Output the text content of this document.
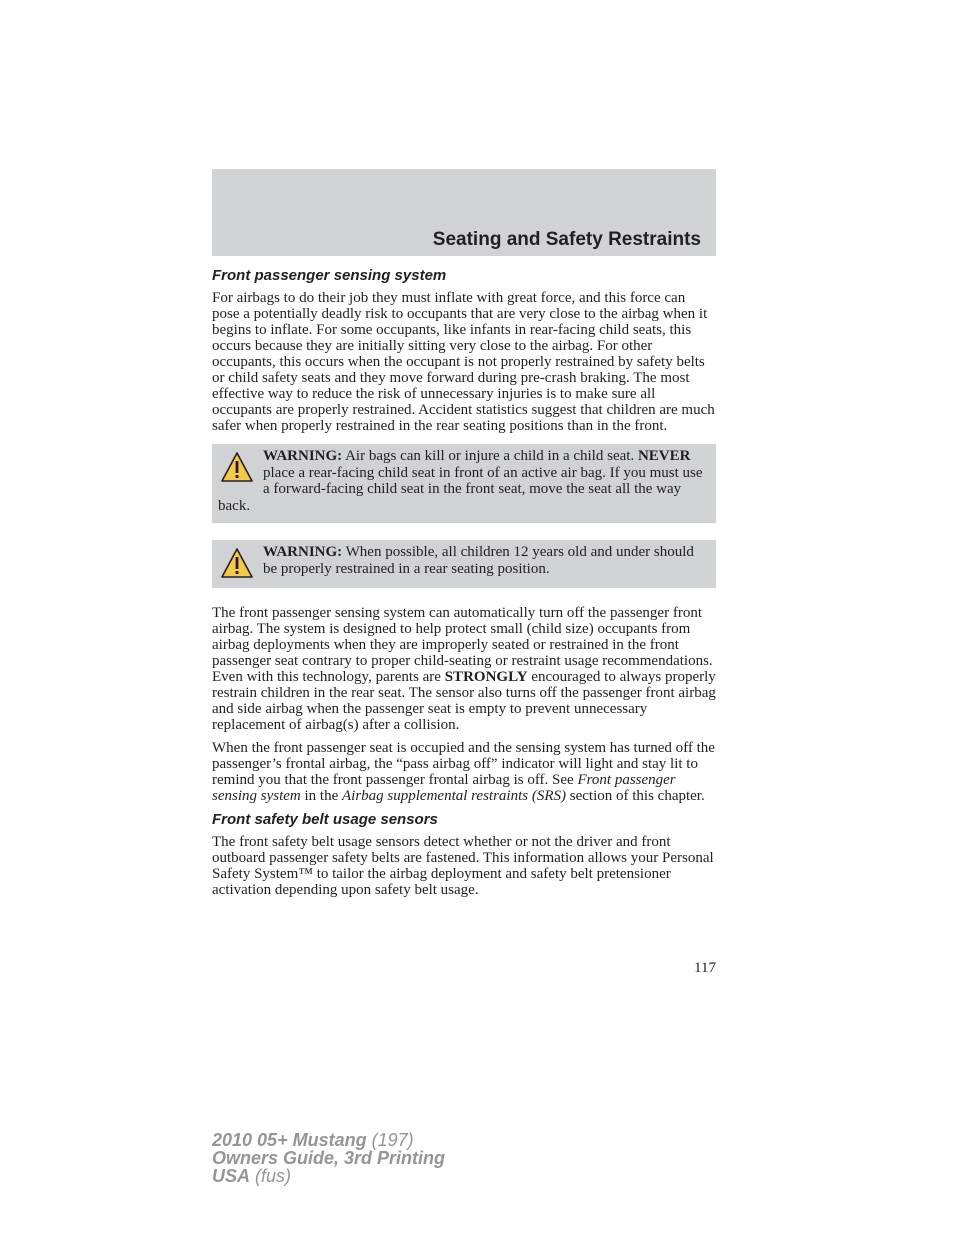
Seating and Safety Restraints
Front passenger sensing system

For airbags to do their job they must inflate with great force, and this force can pose a potentially deadly risk to occupants that are very close to the airbag when it begins to inflate. For some occupants, like infants in rear-facing child seats, this occurs because they are initially sitting very close to the airbag. For other occupants, this occurs when the occupant is not properly restrained by safety belts or child safety seats and they move forward during pre-crash braking. The most effective way to reduce the risk of unnecessary injuries is to make sure all occupants are properly restrained. Accident statistics suggest that children are much safer when properly restrained in the rear seating positions than in the front.

WARNING: Air bags can kill or injure a child in a child seat. NEVER place a rear-facing child seat in front of an active air bag. If you must use a forward-facing child seat in the front seat, move the seat all the way back.
WARNING: When possible, all children 12 years old and under should be properly restrained in a rear seating position.

The front passenger sensing system can automatically turn off the passenger front airbag. The system is designed to help protect small (child size) occupants from airbag deployments when they are improperly seated or restrained in the front passenger seat contrary to proper child-seating or restraint usage recommendations. Even with this technology, parents are STRONGLY encouraged to always properly restrain children in the rear seat. The sensor also turns off the passenger front airbag and side airbag when the passenger seat is empty to prevent unnecessary replacement of airbag(s) after a collision.

When the front passenger seat is occupied and the sensing system has turned off the passenger’s frontal airbag, the “pass airbag off” indicator will light and stay lit to remind you that the front passenger frontal airbag is off. See Front passenger sensing system in the Airbag supplemental restraints (SRS) section of this chapter.

Front safety belt usage sensors

The front safety belt usage sensors detect whether or not the driver and front outboard passenger safety belts are fastened. This information allows your Personal Safety System™ to tailor the airbag deployment and safety belt pretensioner activation depending upon safety belt usage.

117
2010 05+ Mustang (197)
Owners Guide, 3rd Printing
USA (fus)
